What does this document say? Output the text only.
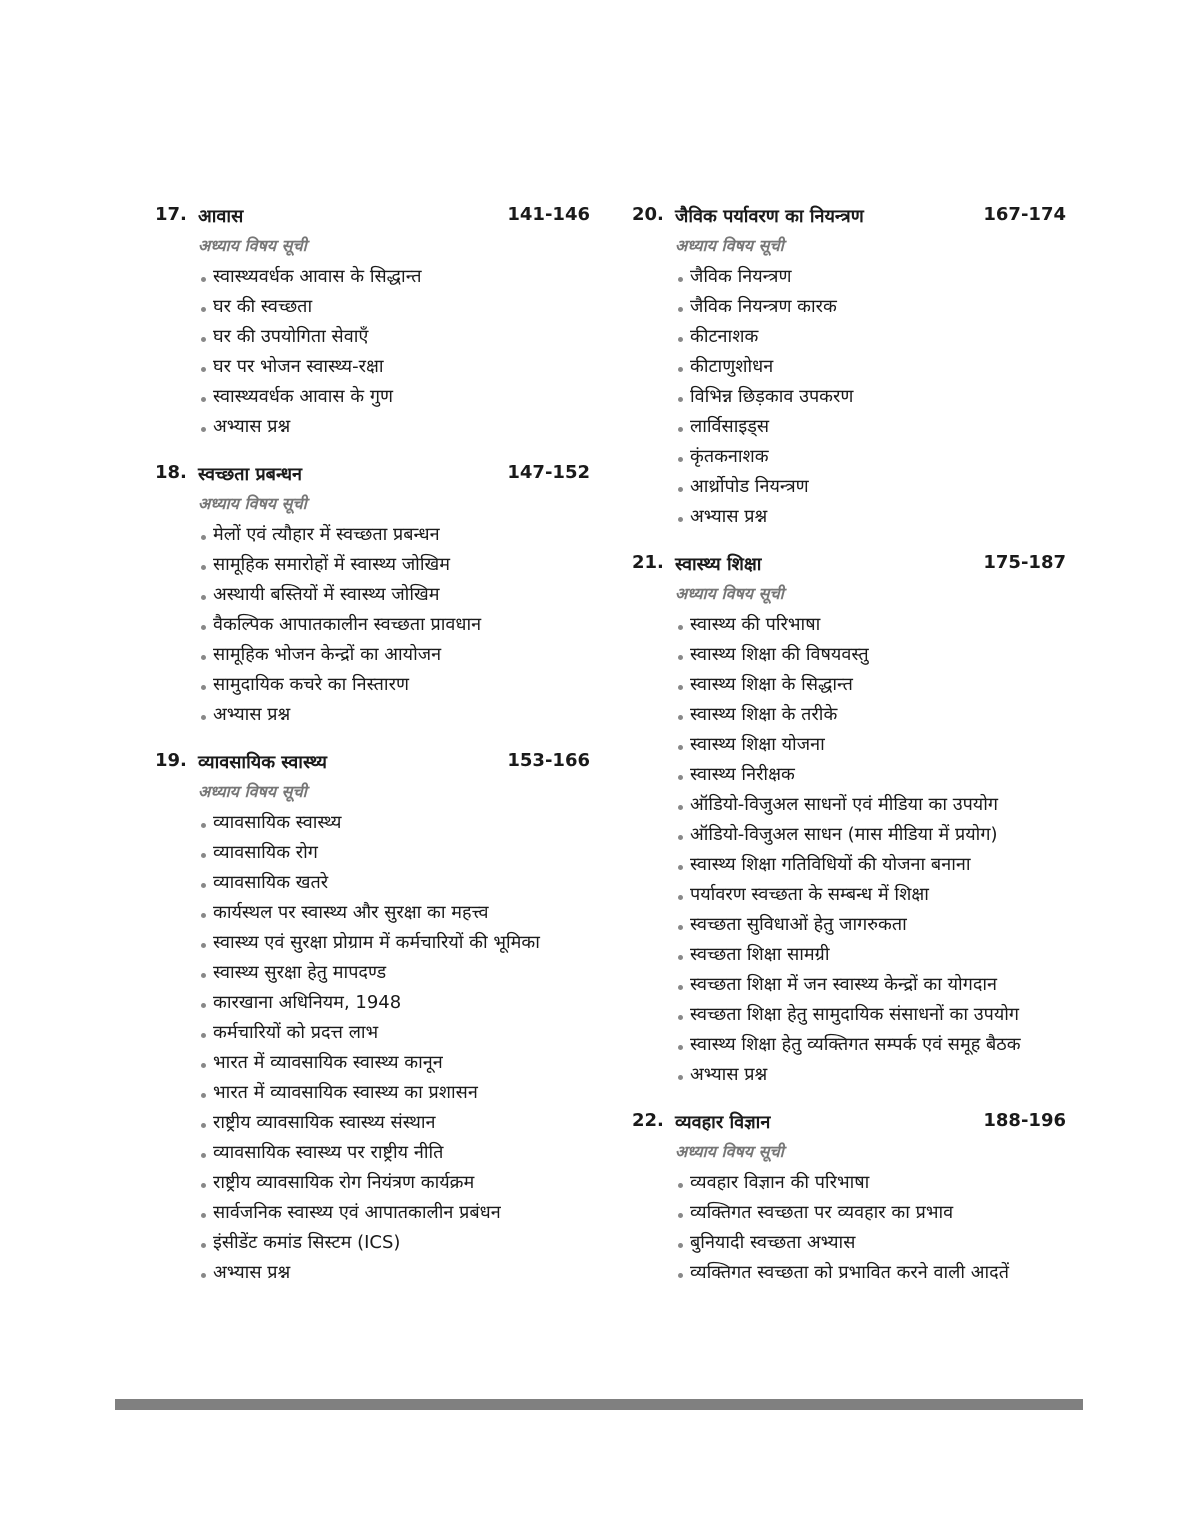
17. आवास	141-146
अध्याय विषय सूची
स्वास्थ्यवर्धक आवास के सिद्धान्त
घर की स्वच्छता
घर की उपयोगिता सेवाएँ
घर पर भोजन स्वास्थ्य-रक्षा
स्वास्थ्यवर्धक आवास के गुण
अभ्यास प्रश्न
18. स्वच्छता प्रबन्धन	147-152
अध्याय विषय सूची
मेलों एवं त्यौहार में स्वच्छता प्रबन्धन
सामूहिक समारोहों में स्वास्थ्य जोखिम
अस्थायी बस्तियों में स्वास्थ्य जोखिम
वैकल्पिक आपातकालीन स्वच्छता प्रावधान
सामूहिक भोजन केन्द्रों का आयोजन
सामुदायिक कचरे का निस्तारण
अभ्यास प्रश्न
19. व्यावसायिक स्वास्थ्य	153-166
अध्याय विषय सूची
व्यावसायिक स्वास्थ्य
व्यावसायिक रोग
व्यावसायिक खतरे
कार्यस्थल पर स्वास्थ्य और सुरक्षा का महत्त्व
स्वास्थ्य एवं सुरक्षा प्रोग्राम में कर्मचारियों की भूमिका
स्वास्थ्य सुरक्षा हेतु मापदण्ड
कारखाना अधिनियम, 1948
कर्मचारियों को प्रदत्त लाभ
भारत में व्यावसायिक स्वास्थ्य कानून
भारत में व्यावसायिक स्वास्थ्य का प्रशासन
राष्ट्रीय व्यावसायिक स्वास्थ्य संस्थान
व्यावसायिक स्वास्थ्य पर राष्ट्रीय नीति
राष्ट्रीय व्यावसायिक रोग नियंत्रण कार्यक्रम
सार्वजनिक स्वास्थ्य एवं आपातकालीन प्रबंधन
इंसीडेंट कमांड सिस्टम (ICS)
अभ्यास प्रश्न
20. जैविक पर्यावरण का नियन्त्रण	167-174
अध्याय विषय सूची
जैविक नियन्त्रण
जैविक नियन्त्रण कारक
कीटनाशक
कीटाणुशोधन
विभिन्न छिड़काव उपकरण
लार्विसाइड्स
कृंतकनाशक
आर्थ्रोपोड नियन्त्रण
अभ्यास प्रश्न
21. स्वास्थ्य शिक्षा	175-187
अध्याय विषय सूची
स्वास्थ्य की परिभाषा
स्वास्थ्य शिक्षा की विषयवस्तु
स्वास्थ्य शिक्षा के सिद्धान्त
स्वास्थ्य शिक्षा के तरीके
स्वास्थ्य शिक्षा योजना
स्वास्थ्य निरीक्षक
ऑडियो-विजुअल साधनों एवं मीडिया का उपयोग
ऑडियो-विजुअल साधन (मास मीडिया में प्रयोग)
स्वास्थ्य शिक्षा गतिविधियों की योजना बनाना
पर्यावरण स्वच्छता के सम्बन्ध में शिक्षा
स्वच्छता सुविधाओं हेतु जागरुकता
स्वच्छता शिक्षा सामग्री
स्वच्छता शिक्षा में जन स्वास्थ्य केन्द्रों का योगदान
स्वच्छता शिक्षा हेतु सामुदायिक संसाधनों का उपयोग
स्वास्थ्य शिक्षा हेतु व्यक्तिगत सम्पर्क एवं समूह बैठक
अभ्यास प्रश्न
22. व्यवहार विज्ञान	188-196
अध्याय विषय सूची
व्यवहार विज्ञान की परिभाषा
व्यक्तिगत स्वच्छता पर व्यवहार का प्रभाव
बुनियादी स्वच्छता अभ्यास
व्यक्तिगत स्वच्छता को प्रभावित करने वाली आदतें
